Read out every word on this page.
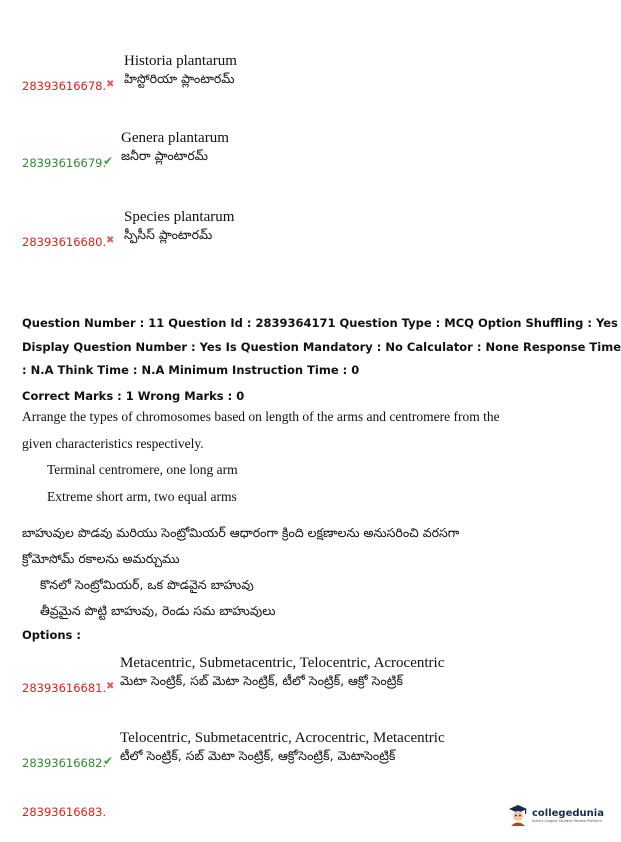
Historia plantarum
హిస్టోరియా ప్లాంటారమ్
28393616678. ✖
Genera plantarum
జనీరా ప్లాంటారమ్
28393616679.
✔
Species plantarum
స్పీసీస్ ప్లాంటారమ్
28393616680. ✖
Question Number : 11 Question Id : 2839364171 Question Type : MCQ Option Shuffling : Yes
Display Question Number : Yes Is Question Mandatory : No Calculator : None Response Time
: N.A Think Time : N.A Minimum Instruction Time : 0
Correct Marks : 1 Wrong Marks : 0
Arrange the types of chromosomes based on length of the arms and centromere from the
given characteristics respectively.
Terminal centromere, one long arm
Extreme short arm, two equal arms
బాహువుల పొడవు మరియు సెంట్రోమియర్ ఆధారంగా క్రింది లక్షణాలను అనుసరించి వరసగా
క్రోమోసోమ్ రకాలను అమర్చుము
కొనలో సెంట్రోమియర్, ఒక పొడవైన బాహువు
తీవ్రమైన పొట్టి బాహువు, రెండు సమ బాహువులు
Options :
Metacentric, Submetacentric, Telocentric, Acrocentric
మెటా సెంట్రిక్, సబ్ మెటా సెంట్రిక్, టీలో సెంట్రిక్, ఆక్రో సెంట్రిక్
28393616681. ✖
Telocentric, Submetacentric, Acrocentric, Metacentric
టీలో సెంట్రిక్, సబ్ మెటా సెంట్రిక్, ఆక్రోసెంట్రిక్, మెటాసెంట్రిక్
28393616682.
✔
28393616683.	collegedunia
India's Largest Student Review Platform
